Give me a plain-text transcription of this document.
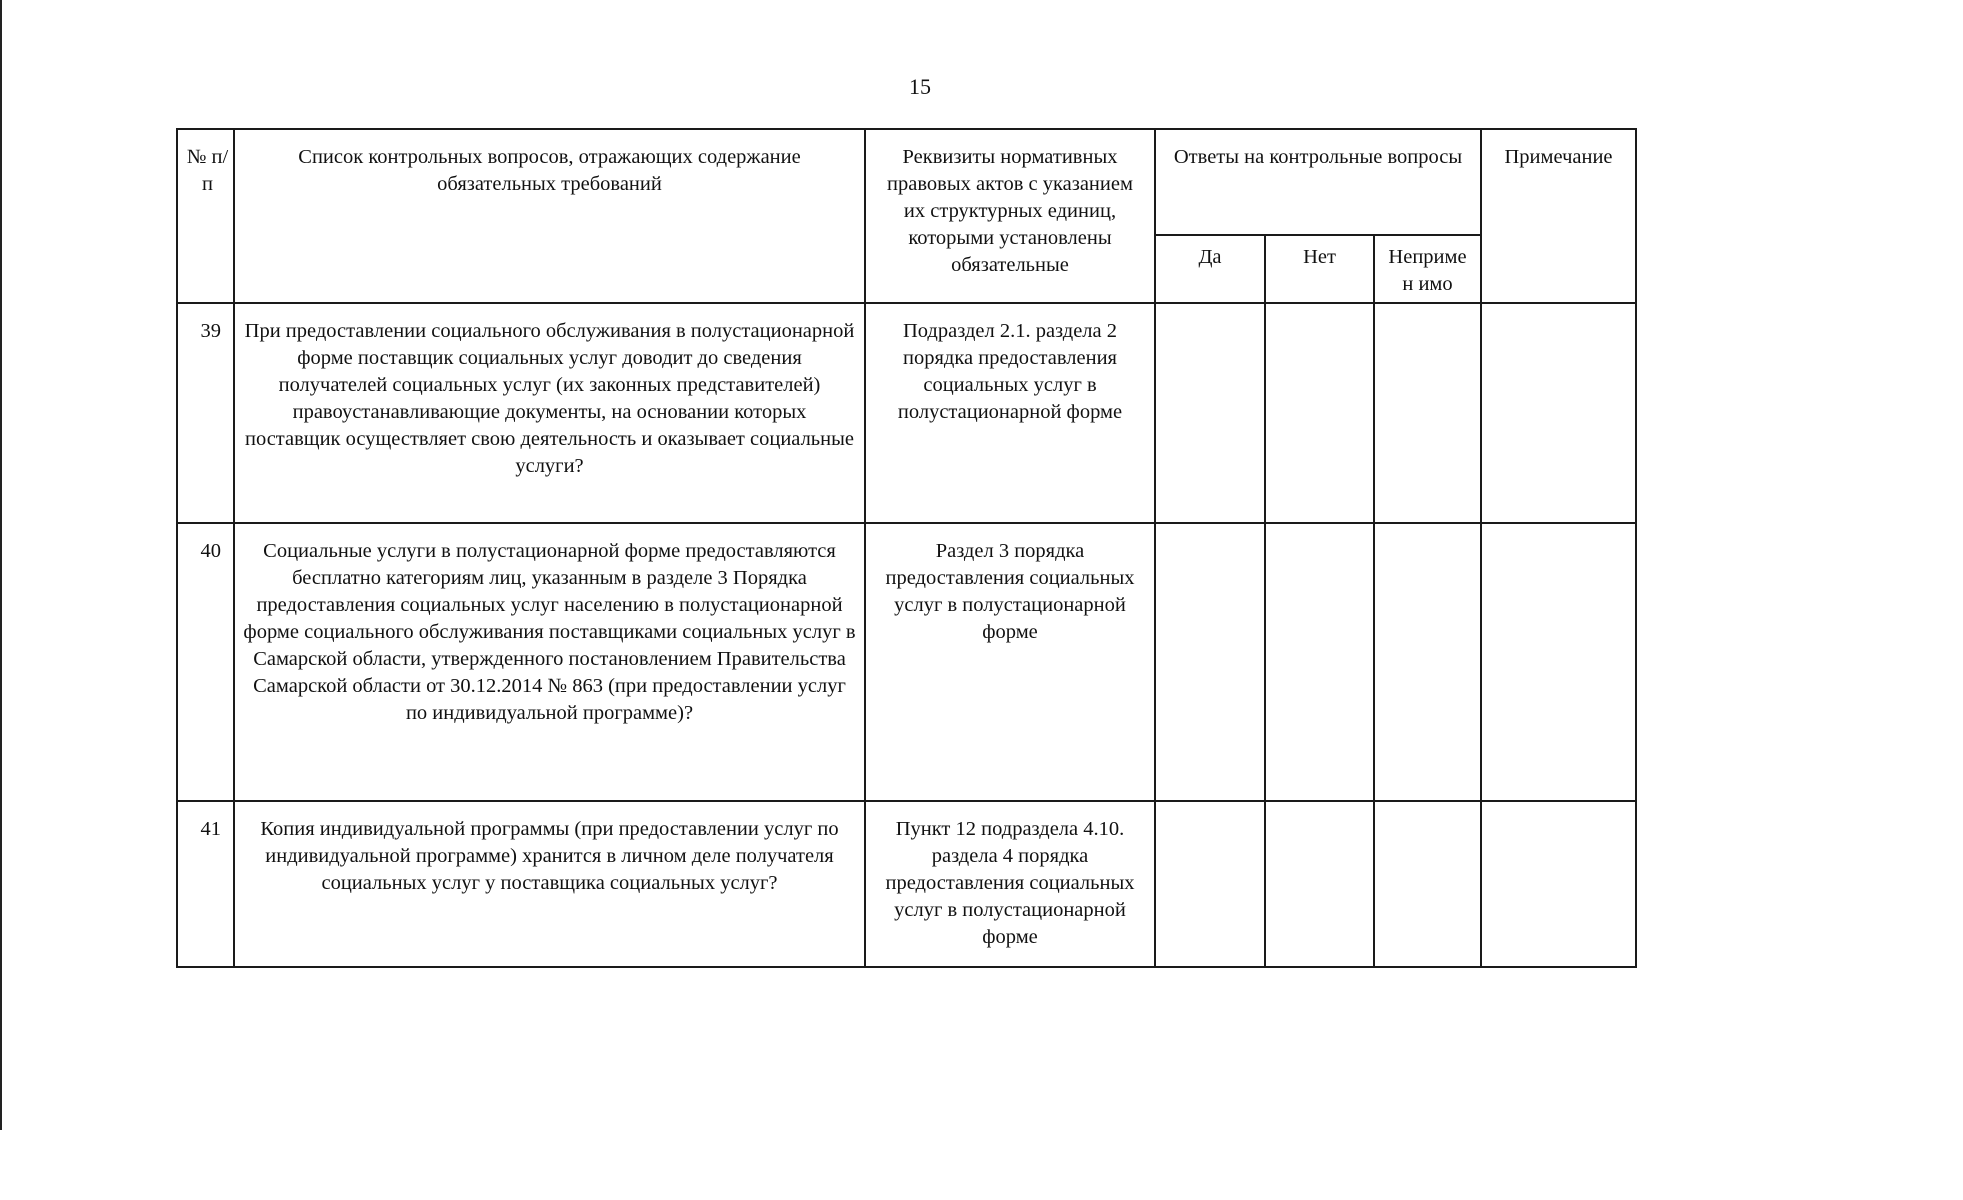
15
№ п/п	Список контрольных вопросов, отражающих содержание обязательных требований	Реквизиты нормативных правовых актов с указанием их структурных единиц, которыми установлены обязательные	Ответы на контрольные вопросы			Примечание
			Да	Нет	Непримен имо	
39	При предоставлении социального обслуживания в полустационарной форме поставщик социальных услуг доводит до сведения получателей социальных услуг (их законных представителей) правоустанавливающие документы, на основании которых поставщик осуществляет свою деятельность и оказывает социальные услуги?	Подраздел 2.1. раздела 2 порядка предоставления социальных услуг в полустационарной форме				
40	Социальные услуги в полустационарной форме предоставляются бесплатно категориям лиц, указанным в разделе 3 Порядка предоставления социальных услуг населению в полустационарной форме социального обслуживания поставщиками социальных услуг в Самарской области, утвержденного постановлением Правительства Самарской области от 30.12.2014 № 863 (при предоставлении услуг по индивидуальной программе)?	Раздел 3 порядка предоставления социальных услуг в полустационарной форме				
41	Копия индивидуальной программы (при предоставлении услуг по индивидуальной программе) хранится в личном деле получателя социальных услуг у поставщика социальных услуг?	Пункт 12 подраздела 4.10. раздела 4 порядка предоставления социальных услуг в полустационарной форме				
